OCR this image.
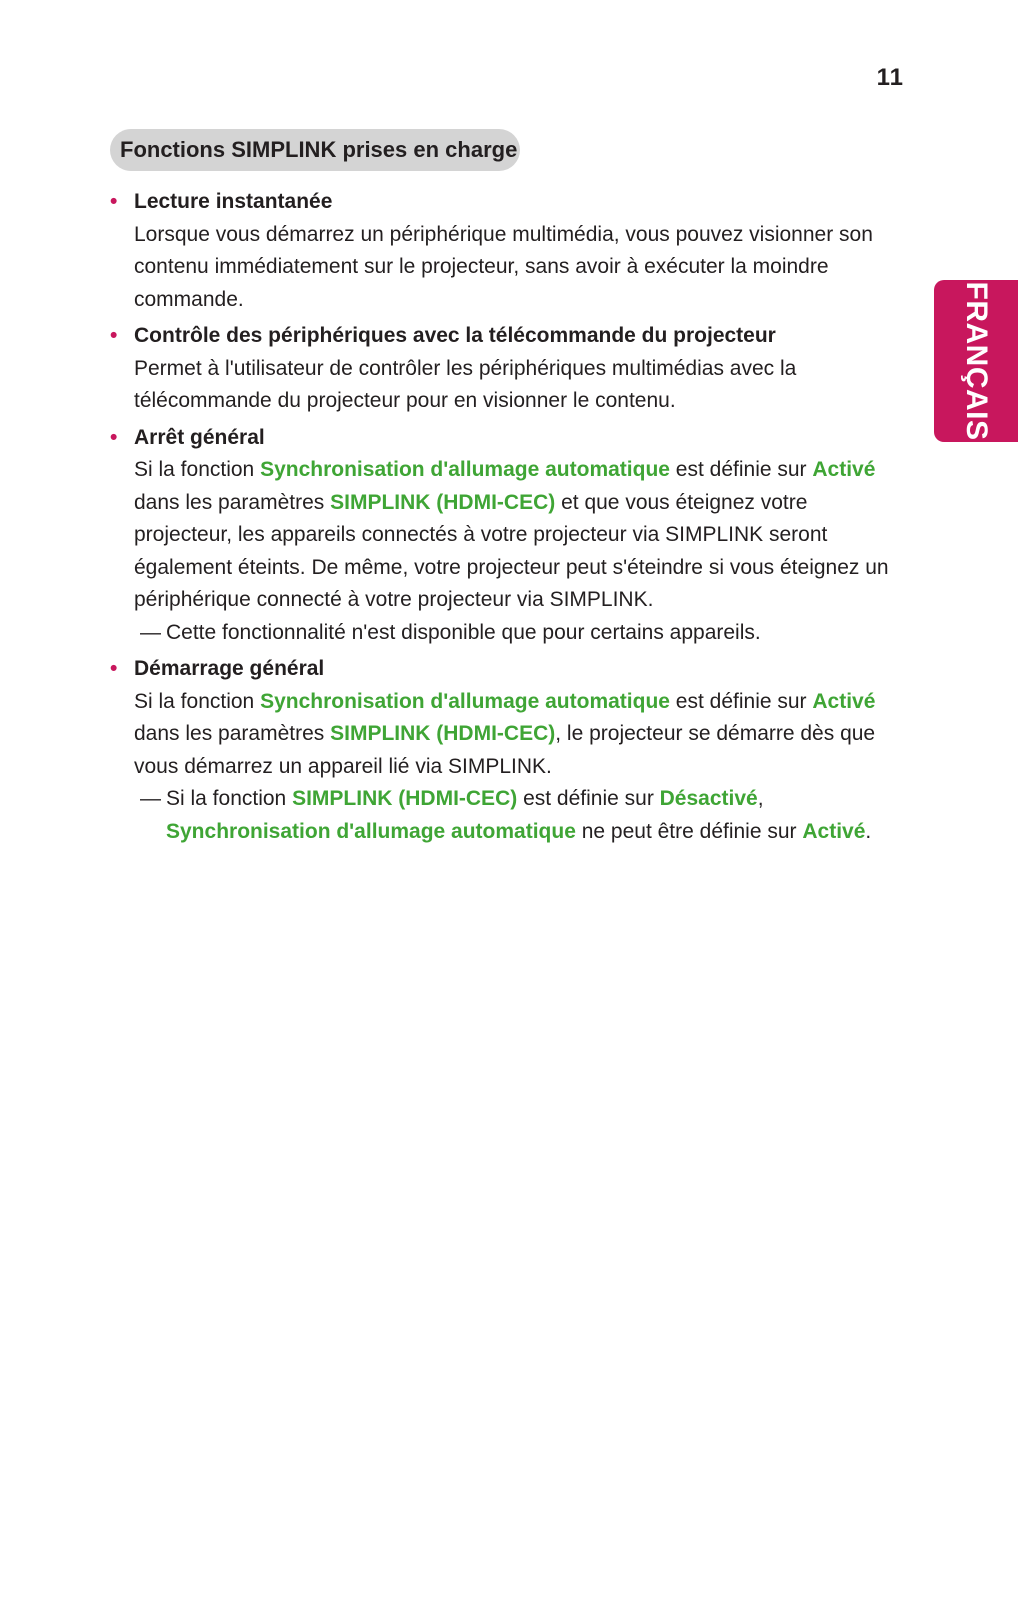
11
FRANÇAIS
Fonctions SIMPLINK prises en charge
• Lecture instantanée
Lorsque vous démarrez un périphérique multimédia, vous pouvez visionner son contenu immédiatement sur le projecteur, sans avoir à exécuter la moindre commande.
• Contrôle des périphériques avec la télécommande du projecteur
Permet à l'utilisateur de contrôler les périphériques multimédias avec la télécommande du projecteur pour en visionner le contenu.
• Arrêt général
Si la fonction Synchronisation d'allumage automatique est définie sur Activé dans les paramètres SIMPLINK (HDMI-CEC) et que vous éteignez votre projecteur, les appareils connectés à votre projecteur via SIMPLINK seront également éteints. De même, votre projecteur peut s'éteindre si vous éteignez un périphérique connecté à votre projecteur via SIMPLINK.
— Cette fonctionnalité n'est disponible que pour certains appareils.
• Démarrage général
Si la fonction Synchronisation d'allumage automatique est définie sur Activé dans les paramètres SIMPLINK (HDMI-CEC), le projecteur se démarre dès que vous démarrez un appareil lié via SIMPLINK.
— Si la fonction SIMPLINK (HDMI-CEC) est définie sur Désactivé, Synchronisation d'allumage automatique ne peut être définie sur Activé.
